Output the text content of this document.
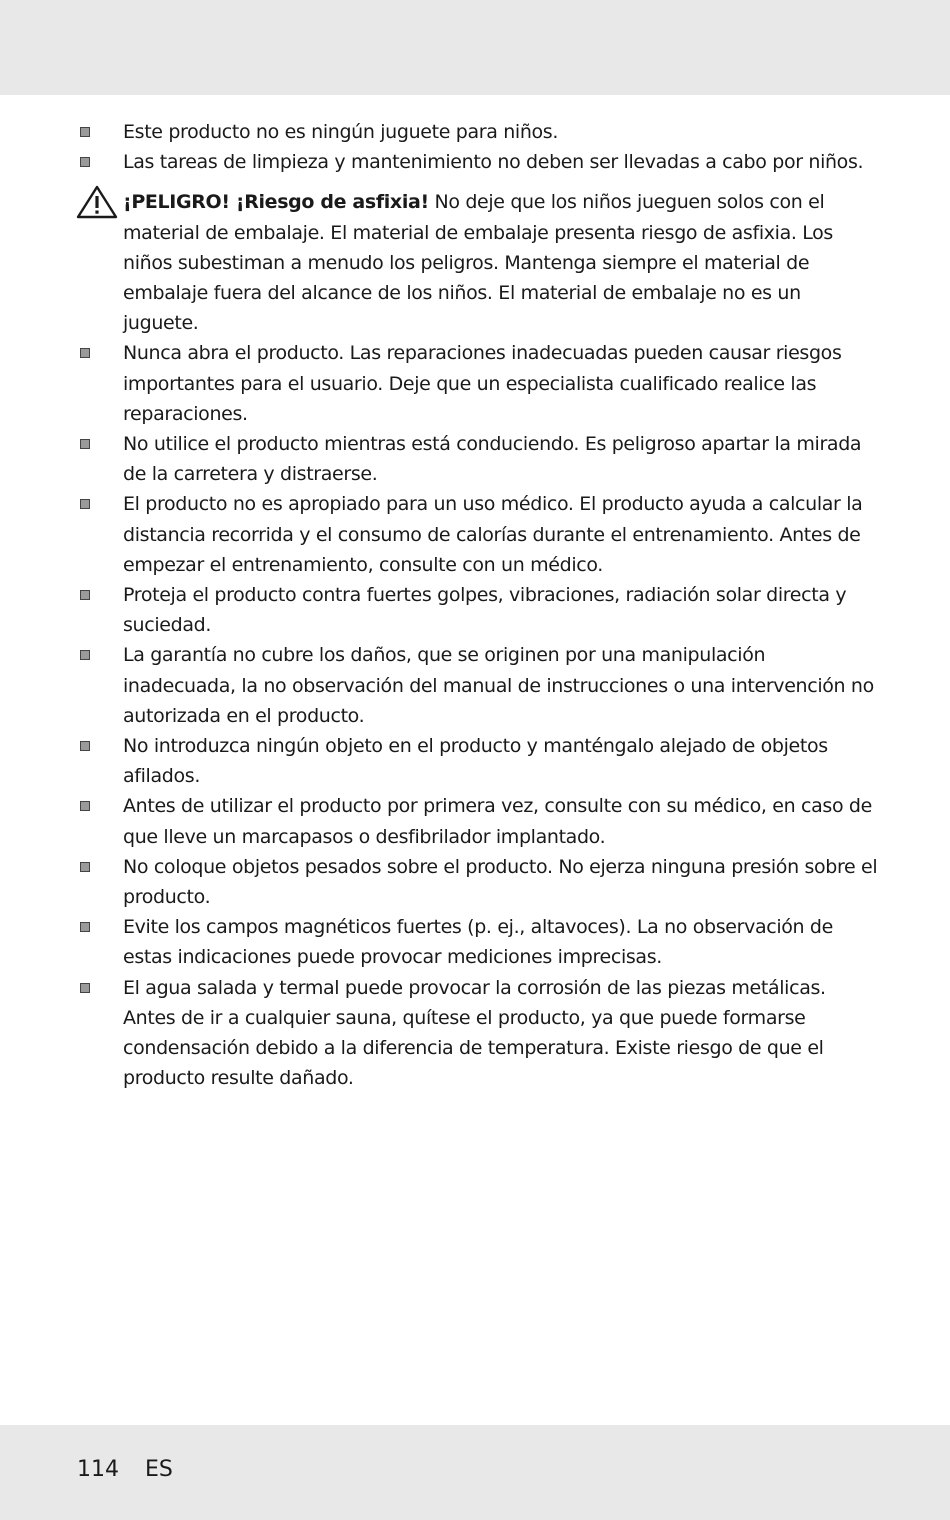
Este producto no es ningún juguete para niños.
Las tareas de limpieza y mantenimiento no deben ser llevadas a cabo por niños.
¡PELIGRO! ¡Riesgo de asfixia! No deje que los niños jueguen solos con el material de embalaje. El material de embalaje presenta riesgo de asfixia. Los niños subestiman a menudo los peligros. Mantenga siempre el material de embalaje fuera del alcance de los niños. El material de embalaje no es un juguete.
Nunca abra el producto. Las reparaciones inadecuadas pueden causar riesgos importantes para el usuario. Deje que un especialista cualificado realice las reparaciones.
No utilice el producto mientras está conduciendo. Es peligroso apartar la mirada de la carretera y distraerse.
El producto no es apropiado para un uso médico. El producto ayuda a calcular la distancia recorrida y el consumo de calorías durante el entrenamiento. Antes de empezar el entrenamiento, consulte con un médico.
Proteja el producto contra fuertes golpes, vibraciones, radiación solar directa y suciedad.
La garantía no cubre los daños, que se originen por una manipulación inadecuada, la no observación del manual de instrucciones o una intervención no autorizada en el producto.
No introduzca ningún objeto en el producto y manténgalo alejado de objetos afilados.
Antes de utilizar el producto por primera vez, consulte con su médico, en caso de que lleve un marcapasos o desfibrilador implantado.
No coloque objetos pesados sobre el producto. No ejerza ninguna presión sobre el producto.
Evite los campos magnéticos fuertes (p. ej., altavoces). La no observación de estas indicaciones puede provocar mediciones imprecisas.
El agua salada y termal puede provocar la corrosión de las piezas metálicas. Antes de ir a cualquier sauna, quítese el producto, ya que puede formarse condensación debido a la diferencia de temperatura. Existe riesgo de que el producto resulte dañado.
114 ES
